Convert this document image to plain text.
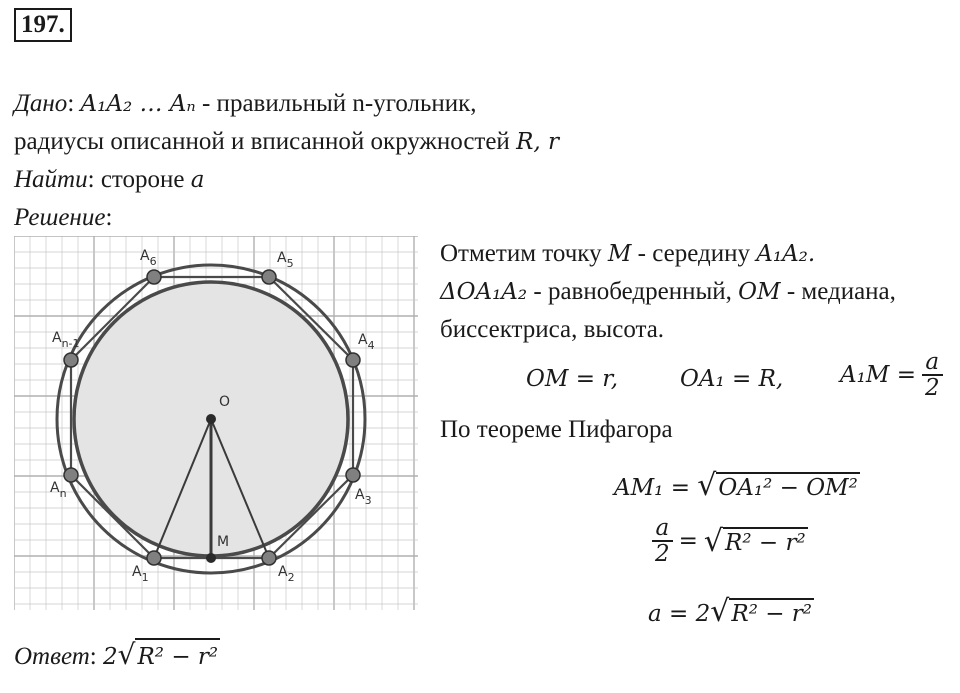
197.
Дано: A₁A₂ … Aₙ - правильный n-угольник,
радиусы описанной и вписанной окружностей R, r
Найти: стороне a
Решение:
O
M
$A_1$	$A_2$
$A_3$
$A_4$
$A_5$
$A_6$
$A_{n-1}$
$A_n$
Отметим точку M - середину A₁A₂.
ΔOA₁A₂ - равнобедренный, OM - медиана,
биссектриса, высота.
OM = r,	OA₁ = R, $A_1M = \frac{a}{2}$
По теореме Пифагора
AM₁ = √OA₁² − OM²
$\frac{a}{2}$ = √ R² − r²
a = 2√R² − r²
Ответ: 2√R² − r²
